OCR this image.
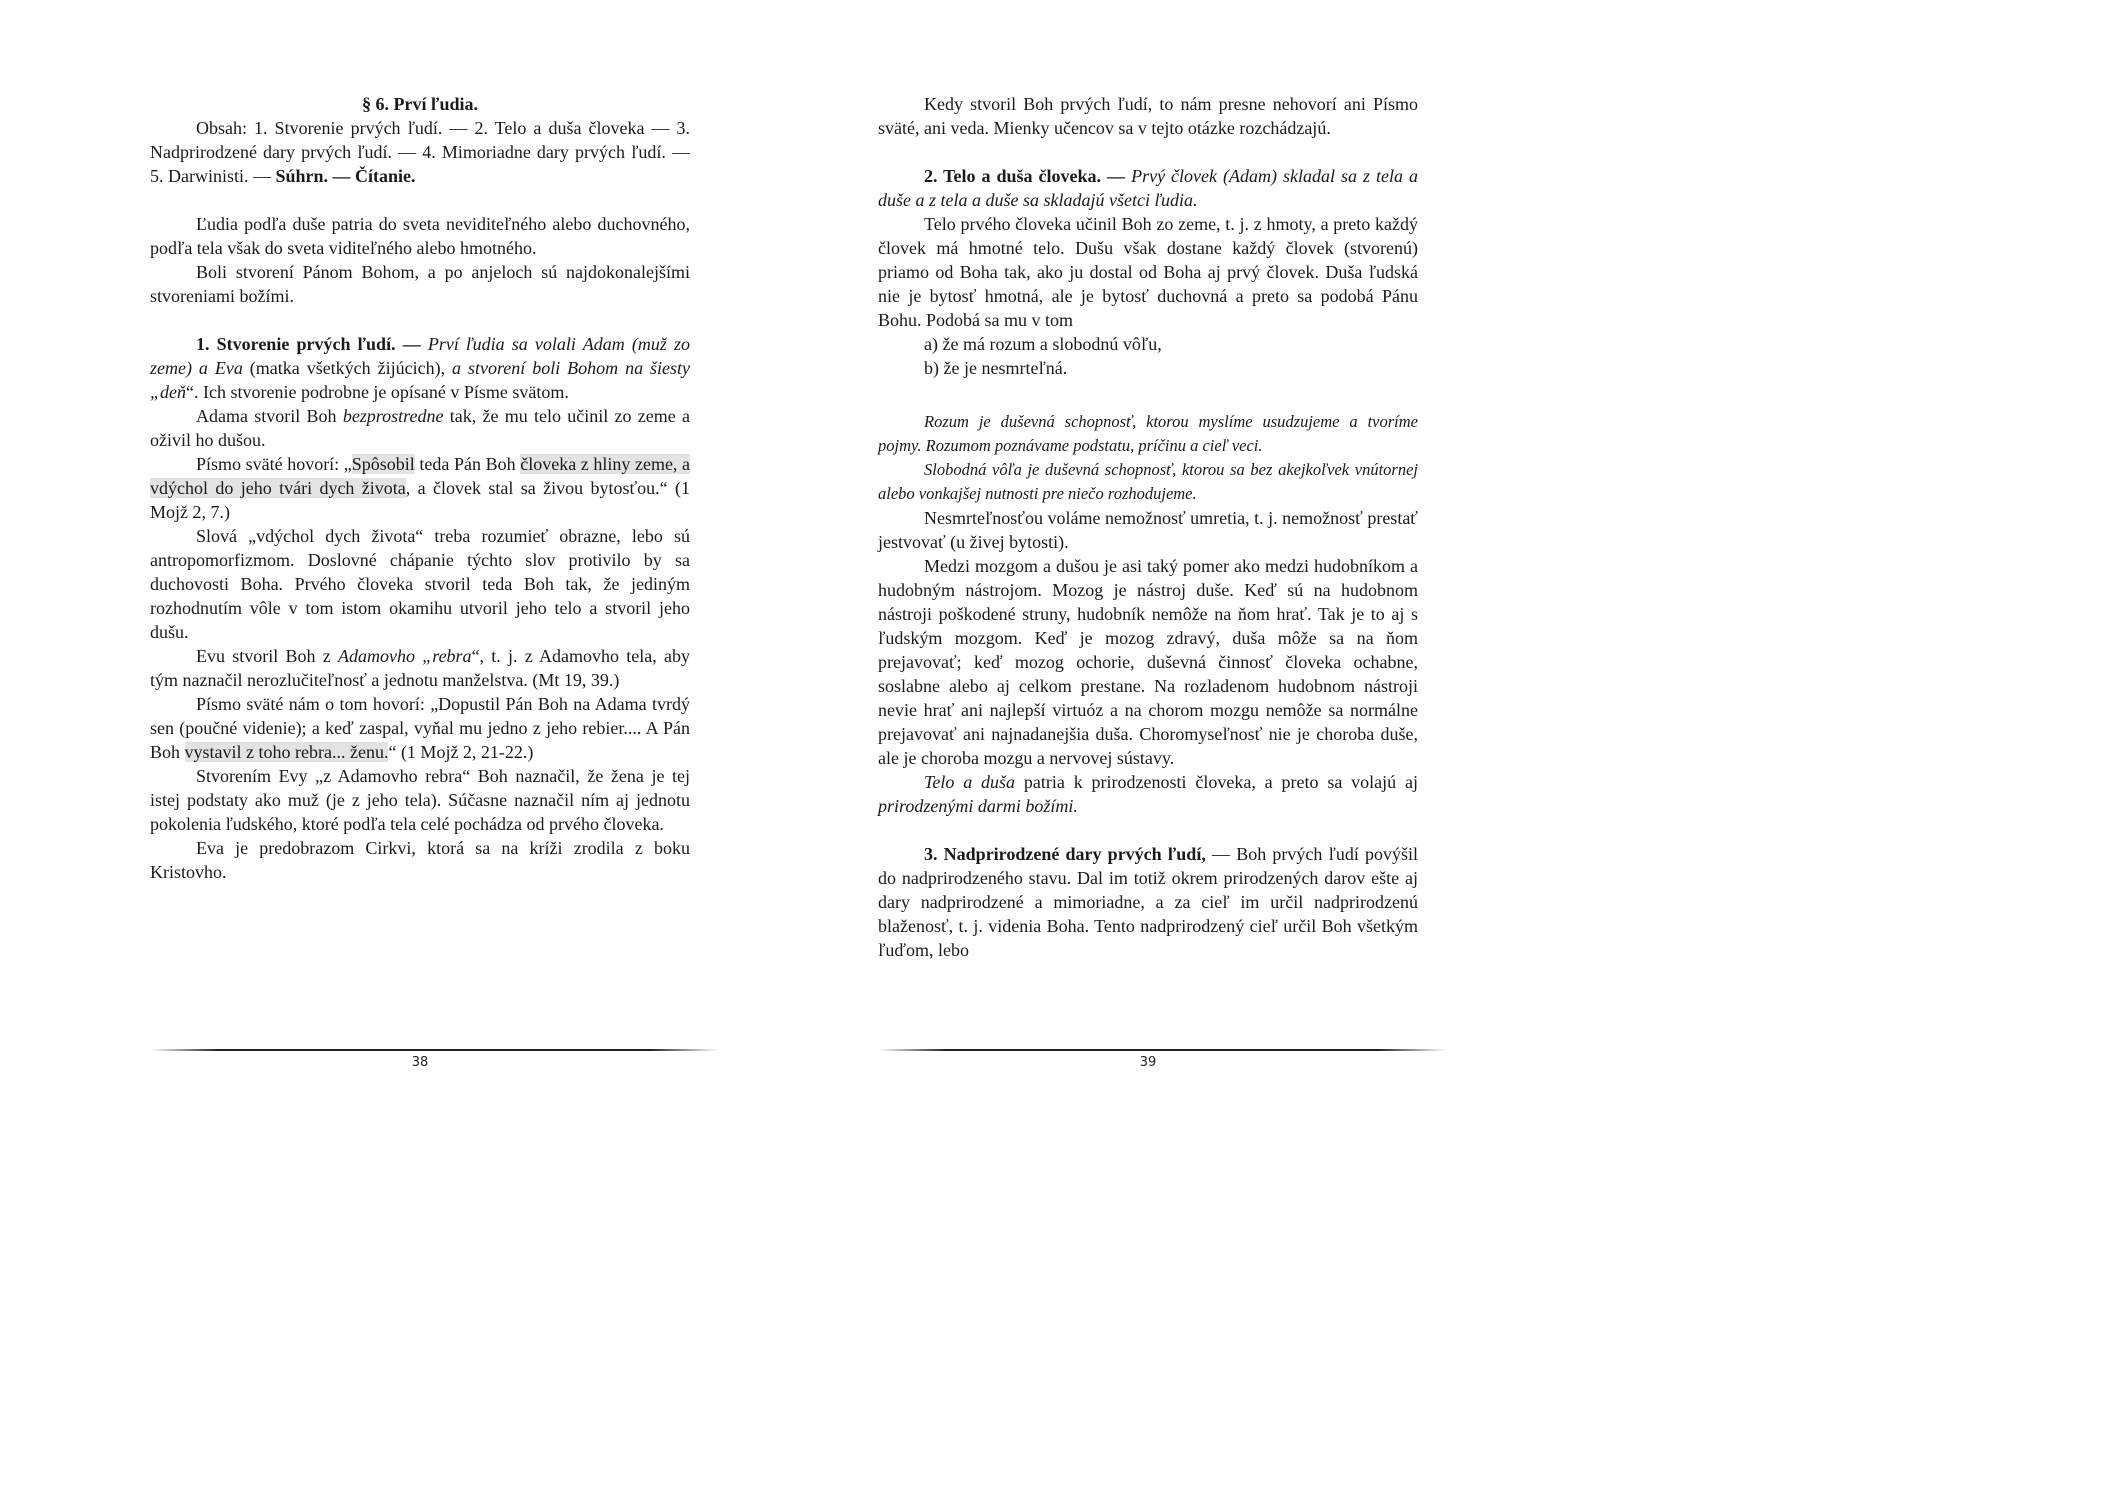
§ 6. Prví ľudia.

Obsah: 1. Stvorenie prvých ľudí. — 2. Telo a duša človeka — 3. Nadprirodzené dary prvých ľudí. — 4. Mimoriadne dary prvých ľudí. — 5. Darwinisti. — Súhrn. — Čítanie.

Ľudia podľa duše patria do sveta neviditeľného alebo duchovného, podľa tela však do sveta viditeľného alebo hmotného.

Boli stvorení Pánom Bohom, a po anjeloch sú najdokonalejšími stvoreniami božími.

1. Stvorenie prvých ľudí. — Prví ľudia sa volali Adam (muž zo zeme) a Eva (matka všetkých žijúcich), a stvorení boli Bohom na šiesty „deň“. Ich stvorenie podrobne je opísané v Písme svätom.

Adama stvoril Boh bezprostredne tak, že mu telo učinil zo zeme a oživil ho dušou.

Písmo sväté hovorí: „Spôsobil teda Pán Boh človeka z hliny zeme, a vdýchol do jeho tvári dych života, a človek stal sa živou bytosťou.“ (1 Mojž 2, 7.)

Slová „vdýchol dych života“ treba rozumieť obrazne, lebo sú antropomorfizmom. Doslovné chápanie týchto slov protivilo by sa duchovosti Boha. Prvého človeka stvoril teda Boh tak, že jediným rozhodnutím vôle v tom istom okamihu utvoril jeho telo a stvoril jeho dušu.

Evu stvoril Boh z Adamovho „rebra“, t. j. z Adamovho tela, aby tým naznačil nerozlučiteľnosť a jednotu manželstva. (Mt 19, 39.)

Písmo sväté nám o tom hovorí: „Dopustil Pán Boh na Adama tvrdý sen (poučné videnie); a keď zaspal, vyňal mu jedno z jeho rebier.... A Pán Boh vystavil z toho rebra... ženu.“ (1 Mojž 2, 21-22.)

Stvorením Evy „z Adamovho rebra“ Boh naznačil, že žena je tej istej podstaty ako muž (je z jeho tela). Súčasne naznačil ním aj jednotu pokolenia ľudského, ktoré podľa tela celé pochádza od prvého človeka.

Eva je predobrazom Cirkvi, ktorá sa na kríži zrodila z boku Kristovho.

38

Kedy stvoril Boh prvých ľudí, to nám presne nehovorí ani Písmo sväté, ani veda. Mienky učencov sa v tejto otázke rozchádzajú.

2. Telo a duša človeka. — Prvý človek (Adam) skladal sa z tela a duše a z tela a duše sa skladajú všetci ľudia.

Telo prvého človeka učinil Boh zo zeme, t. j. z hmoty, a preto každý človek má hmotné telo. Dušu však dostane každý človek (stvorenú) priamo od Boha tak, ako ju dostal od Boha aj prvý človek. Duša ľudská nie je bytosť hmotná, ale je bytosť duchovná a preto sa podobá Pánu Bohu. Podobá sa mu v tom

a) že má rozum a slobodnú vôľu,

b) že je nesmrteľná.

Rozum je duševná schopnosť, ktorou myslíme usudzujeme a tvoríme pojmy. Rozumom poznávame podstatu, príčinu a cieľ veci.

Slobodná vôľa je duševná schopnosť, ktorou sa bez akejkoľvek vnútornej alebo vonkajšej nutnosti pre niečo rozhodujeme.

Nesmrteľnosťou voláme nemožnosť umretia, t. j. nemožnosť prestať jestvovať (u živej bytosti).

Medzi mozgom a dušou je asi taký pomer ako medzi hudobníkom a hudobným nástrojom. Mozog je nástroj duše. Keď sú na hudobnom nástroji poškodené struny, hudobník nemôže na ňom hrať. Tak je to aj s ľudským mozgom. Keď je mozog zdravý, duša môže sa na ňom prejavovať; keď mozog ochorie, duševná činnosť človeka ochabne, soslabne alebo aj celkom prestane. Na rozladenom hudobnom nástroji nevie hrať ani najlepší virtuóz a na chorom mozgu nemôže sa normálne prejavovať ani najnadanejšia duša. Choromyseľnosť nie je choroba duše, ale je choroba mozgu a nervovej sústavy.

Telo a duša patria k prirodzenosti človeka, a preto sa volajú aj prirodzenými darmi božími.

3. Nadprirodzené dary prvých ľudí, — Boh prvých ľudí povýšil do nadprirodzeného stavu. Dal im totiž okrem prirodzených darov ešte aj dary nadprirodzené a mimoriadne, a za cieľ im určil nadprirodzenú blaženosť, t. j. videnia Boha. Tento nadprirodzený cieľ určil Boh všetkým ľuďom, lebo

39
